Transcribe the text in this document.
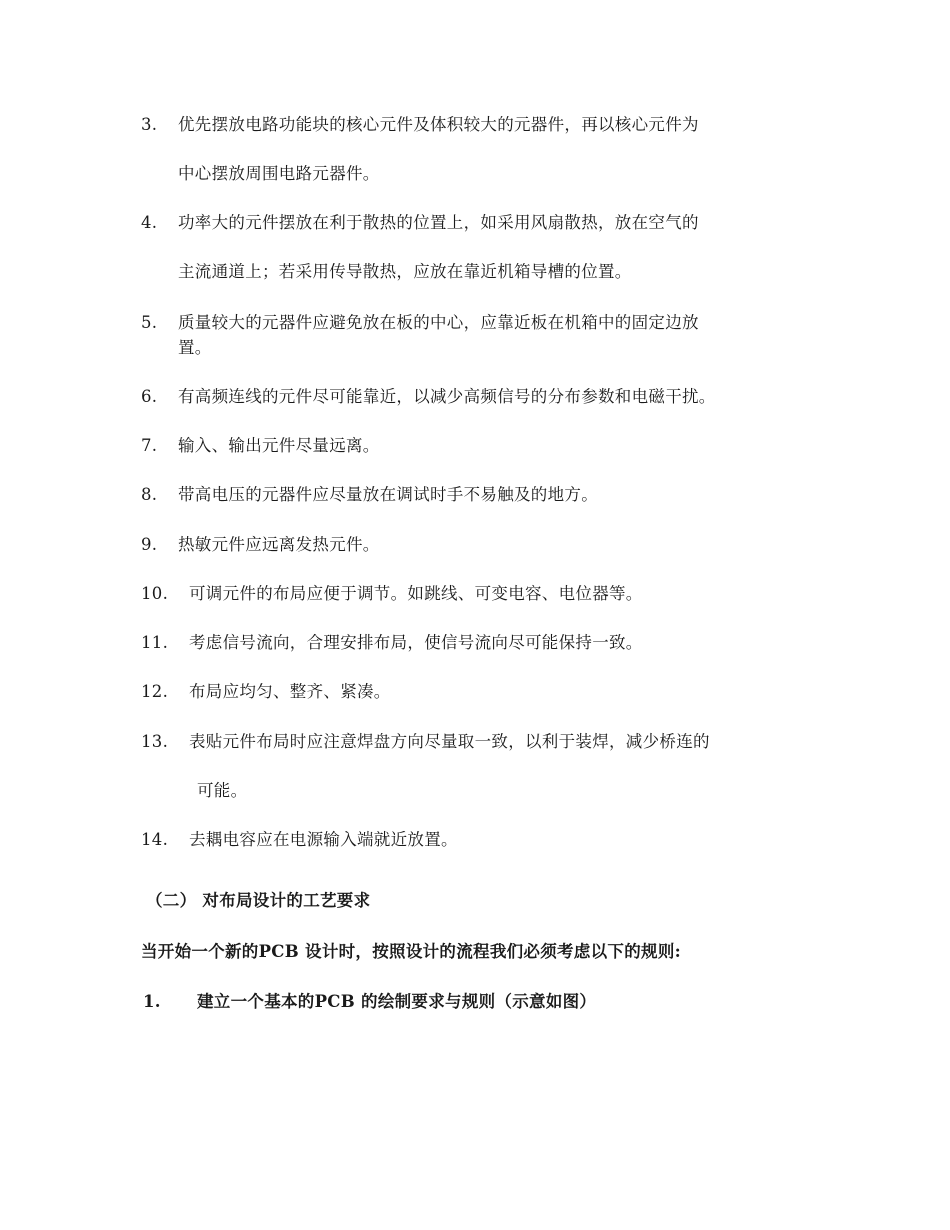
3. 优先摆放电路功能块的核心元件及体积较大的元器件，再以核心元件为
中心摆放周围电路元器件。
4. 功率大的元件摆放在利于散热的位置上，如采用风扇散热，放在空气的
主流通道上；若采用传导散热，应放在靠近机箱导槽的位置。
5. 质量较大的元器件应避免放在板的中心，应靠近板在机箱中的固定边放
置。
6. 有高频连线的元件尽可能靠近，以减少高频信号的分布参数和电磁干扰。
7. 输入、输出元件尽量远离。
8. 带高电压的元器件应尽量放在调试时手不易触及的地方。
9. 热敏元件应远离发热元件。
10. 可调元件的布局应便于调节。如跳线、可变电容、电位器等。
11. 考虑信号流向，合理安排布局，使信号流向尽可能保持一致。
12. 布局应均匀、整齐、紧凑。
13. 表贴元件布局时应注意焊盘方向尽量取一致，以利于装焊，减少桥连的
可能。
14. 去耦电容应在电源输入端就近放置。
（二） 对布局设计的工艺要求
当开始一个新的PCB 设计时，按照设计的流程我们必须考虑以下的规则:
1. 建立一个基本的PCB 的绘制要求与规则（示意如图）
